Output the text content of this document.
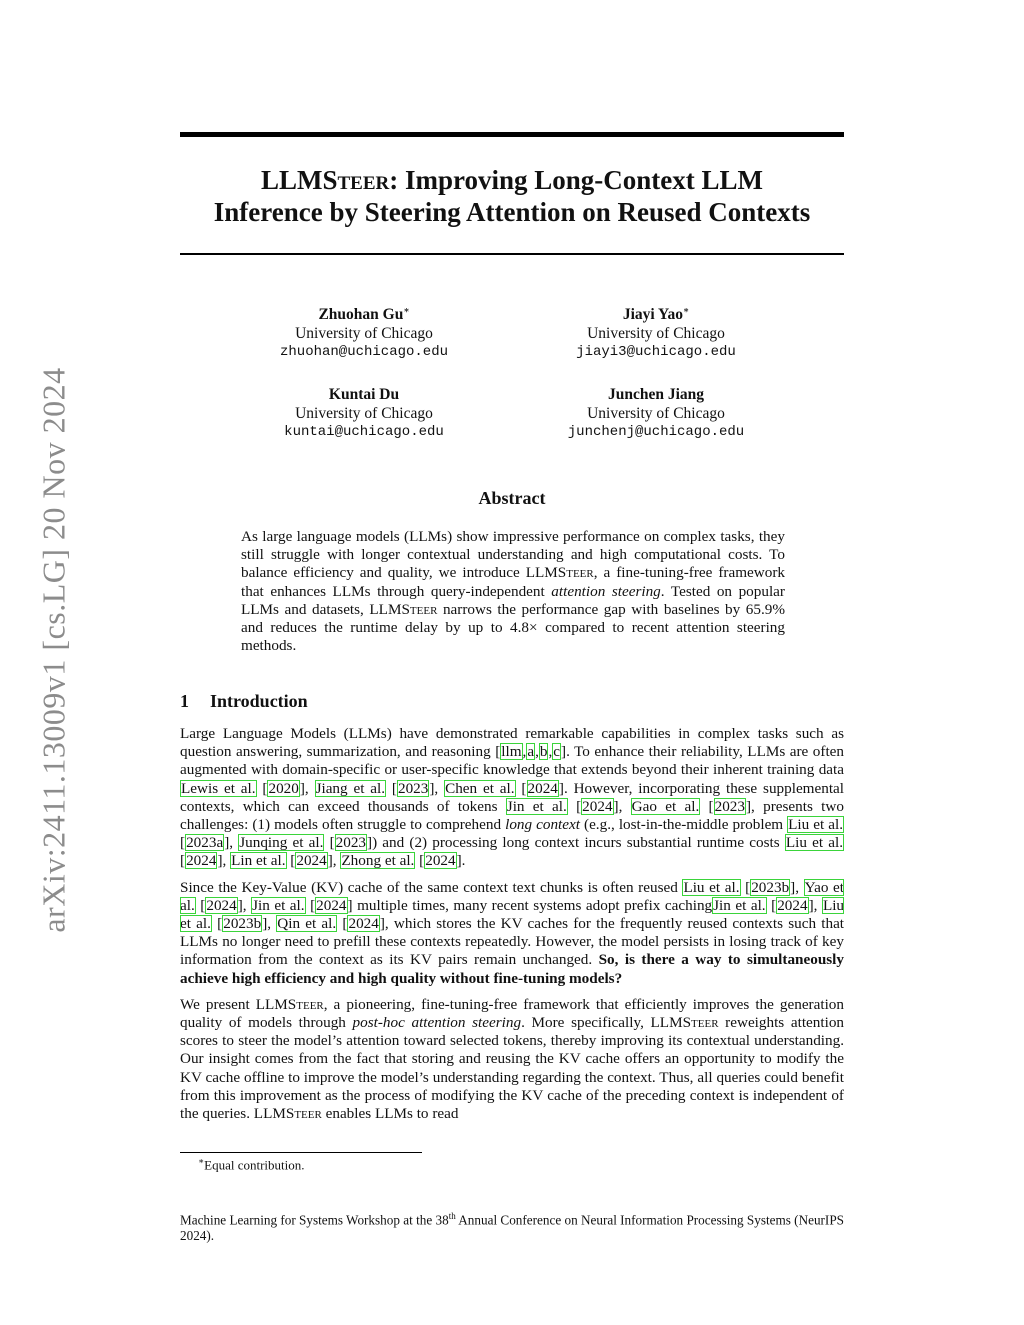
arXiv:2411.13009v1 [cs.LG] 20 Nov 2024
LLMSteer: Improving Long-Context LLM
Inference by Steering Attention on Reused Contexts
Zhuohan Gu∗
University of Chicago
zhuohan@uchicago.edu
Jiayi Yao∗
University of Chicago
jiayi3@uchicago.edu
Kuntai Du
University of Chicago
kuntai@uchicago.edu
Junchen Jiang
University of Chicago
junchenj@uchicago.edu
Abstract
As large language models (LLMs) show impressive performance on complex tasks, they still struggle with longer contextual understanding and high computational costs. To balance efficiency and quality, we introduce LLMSteer, a fine-tuning-free framework that enhances LLMs through query-independent attention steering. Tested on popular LLMs and datasets, LLMSteer narrows the performance gap with baselines by 65.9% and reduces the runtime delay by up to 4.8× compared to recent attention steering methods.
1 Introduction

Large Language Models (LLMs) have demonstrated remarkable capabilities in complex tasks such as question answering, summarization, and reasoning [llm,a,b,c]. To enhance their reliability, LLMs are often augmented with domain-specific or user-specific knowledge that extends beyond their inherent training data Lewis et al. [2020], Jiang et al. [2023], Chen et al. [2024]. However, incorporating these supplemental contexts, which can exceed thousands of tokens Jin et al. [2024], Gao et al. [2023], presents two challenges: (1) models often struggle to comprehend long context (e.g., lost-in-the-middle problem Liu et al. [2023a], Junqing et al. [2023]) and (2) processing long context incurs substantial runtime costs Liu et al. [2024], Lin et al. [2024], Zhong et al. [2024].

Since the Key-Value (KV) cache of the same context text chunks is often reused Liu et al. [2023b], Yao et al. [2024], Jin et al. [2024] multiple times, many recent systems adopt prefix cachingJin et al. [2024], Liu et al. [2023b], Qin et al. [2024], which stores the KV caches for the frequently reused contexts such that LLMs no longer need to prefill these contexts repeatedly. However, the model persists in losing track of key information from the context as its KV pairs remain unchanged. So, is there a way to simultaneously achieve high efficiency and high quality without fine-tuning models?

We present LLMSteer, a pioneering, fine-tuning-free framework that efficiently improves the generation quality of models through post-hoc attention steering. More specifically, LLMSteer reweights attention scores to steer the model’s attention toward selected tokens, thereby improving its contextual understanding. Our insight comes from the fact that storing and reusing the KV cache offers an opportunity to modify the KV cache offline to improve the model’s understanding regarding the context. Thus, all queries could benefit from this improvement as the process of modifying the KV cache of the preceding context is independent of the queries. LLMSteer enables LLMs to read

∗Equal contribution.
Machine Learning for Systems Workshop at the 38th Annual Conference on Neural Information Processing Systems (NeurIPS 2024).
